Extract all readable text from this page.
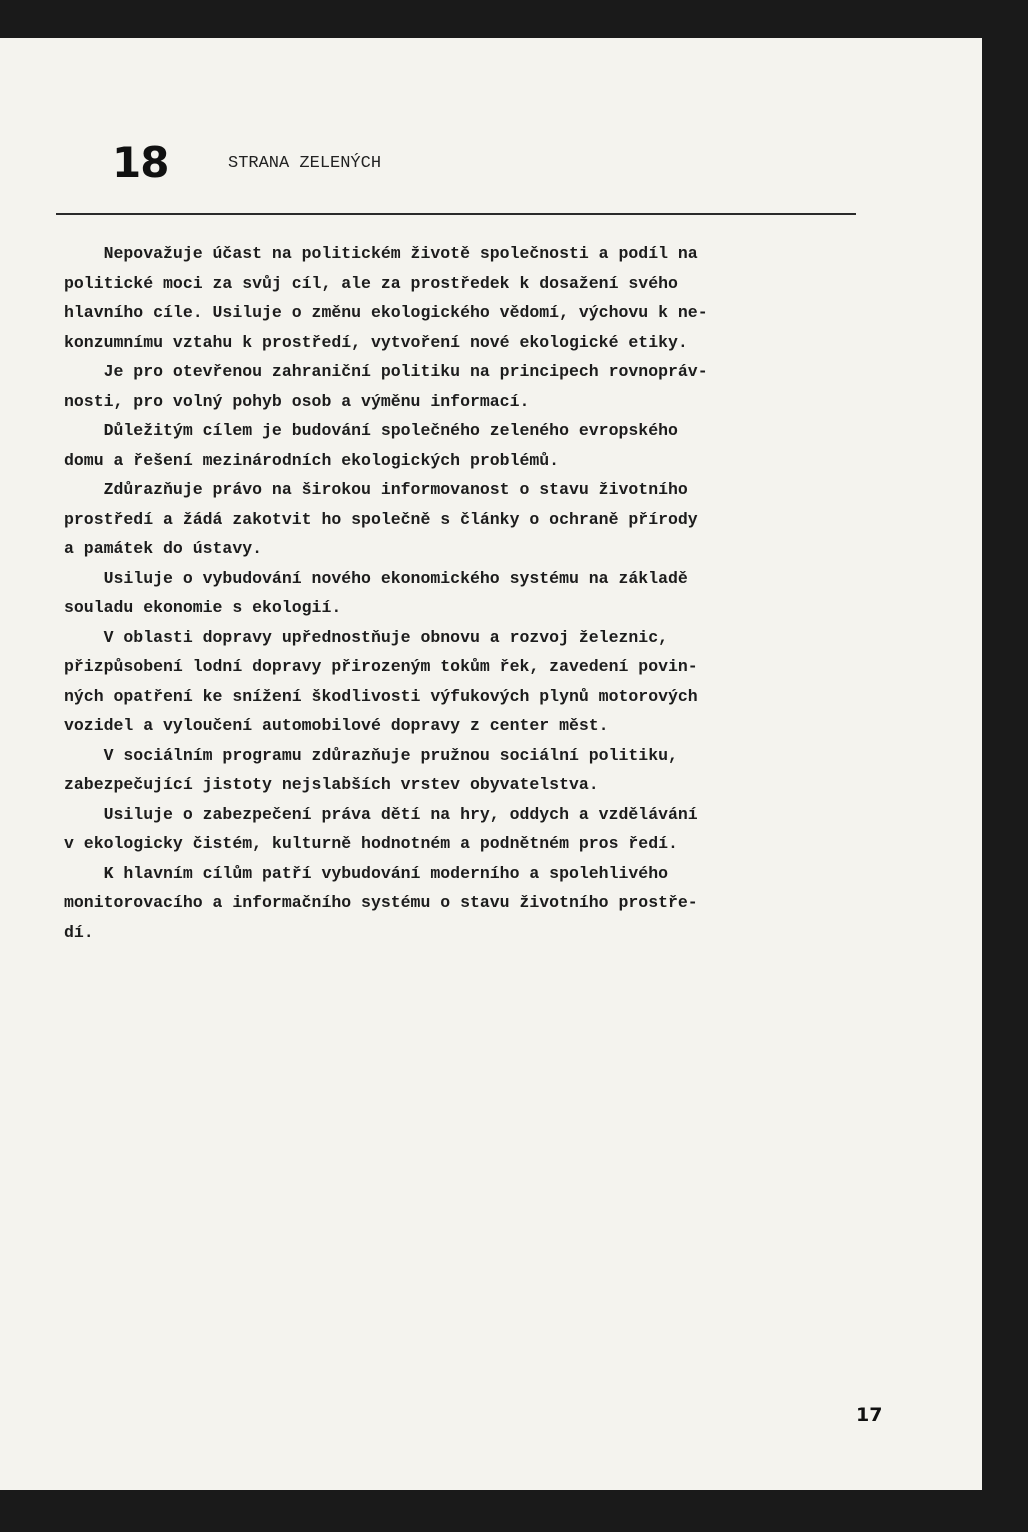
18	STRANA ZELENÝCH
Nepovažuje účast na politickém životě společnosti a podíl na
politické moci za svůj cíl, ale za prostředek k dosažení svého
hlavního cíle. Usiluje o změnu ekologického vědomí, výchovu k ne-
konzumnímu vztahu k prostředí, vytvoření nové ekologické etiky.
Je pro otevřenou zahraniční politiku na principech rovnopráv-
nosti, pro volný pohyb osob a výměnu informací.
Důležitým cílem je budování společného zeleného evropského
domu a řešení mezinárodních ekologických problémů.
Zdůrazňuje právo na širokou informovanost o stavu životního
prostředí a žádá zakotvit ho společně s články o ochraně přírody
a památek do ústavy.
Usiluje o vybudování nového ekonomického systému na základě
souladu ekonomie s ekologií.
V oblasti dopravy upřednostňuje obnovu a rozvoj železnic,
přizpůsobení lodní dopravy přirozeným tokům řek, zavedení povin-
ných opatření ke snížení škodlivosti výfukových plynů motorových
vozidel a vyloučení automobilové dopravy z center měst.
V sociálním programu zdůrazňuje pružnou sociální politiku,
zabezpečující jistoty nejslabších vrstev obyvatelstva.
Usiluje o zabezpečení práva dětí na hry, oddych a vzdělávání
v ekologicky čistém, kulturně hodnotném a podnětném pros ředí.
K hlavním cílům patří vybudování moderního a spolehlivého
monitorovacího a informačního systému o stavu životního prostře-
dí.
17
